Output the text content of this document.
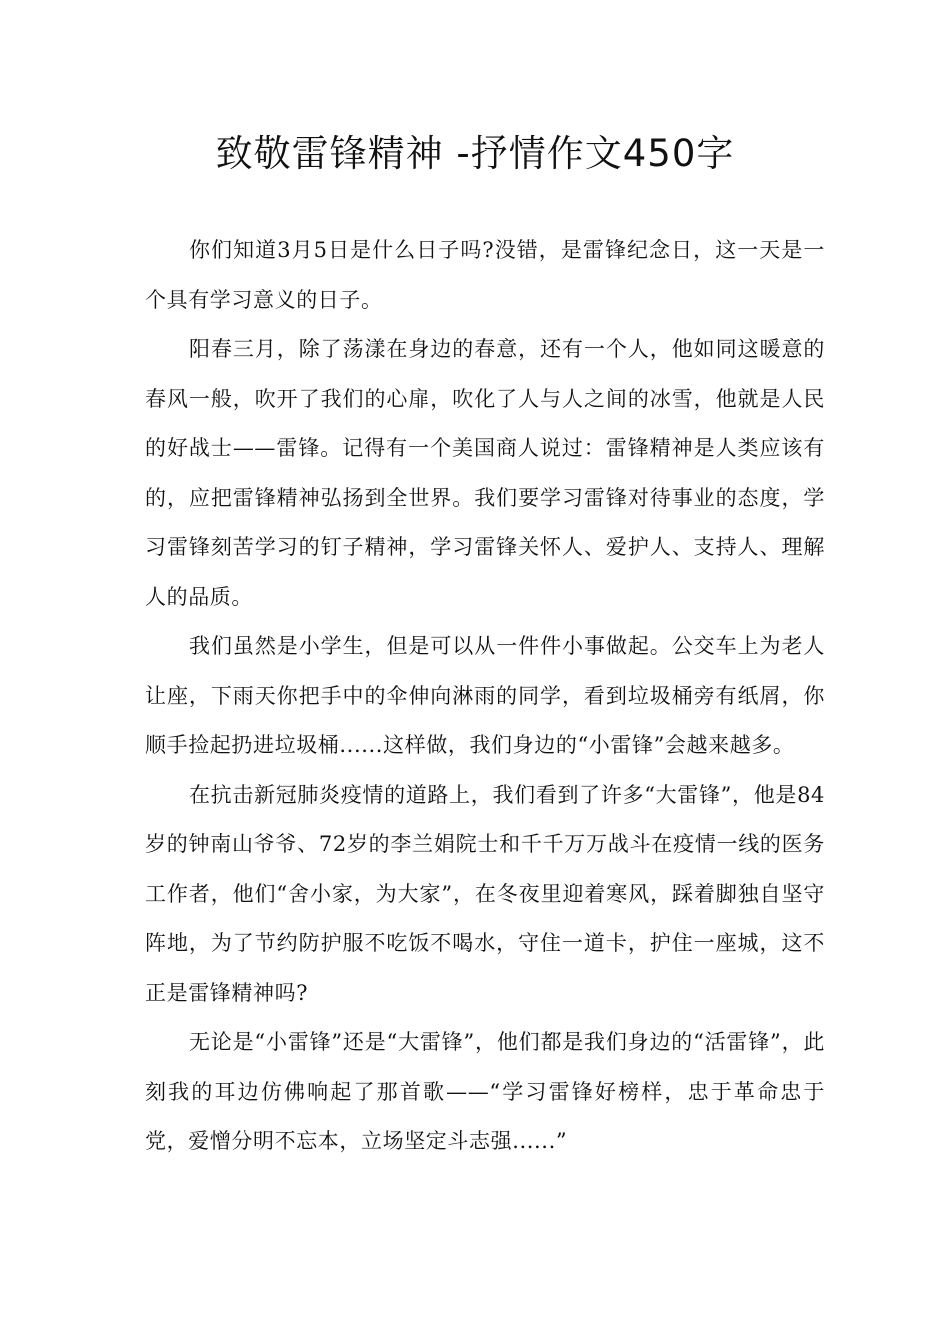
致敬雷锋精神 -抒情作文450字

你们知道3月5日是什么日子吗?没错，是雷锋纪念日，这一天是一个具有学习意义的日子。

阳春三月，除了荡漾在身边的春意，还有一个人，他如同这暖意的春风一般，吹开了我们的心扉，吹化了人与人之间的冰雪，他就是人民的好战士——雷锋。记得有一个美国商人说过：雷锋精神是人类应该有的，应把雷锋精神弘扬到全世界。我们要学习雷锋对待事业的态度，学习雷锋刻苦学习的钉子精神，学习雷锋关怀人、爱护人、支持人、理解人的品质。

我们虽然是小学生，但是可以从一件件小事做起。公交车上为老人让座，下雨天你把手中的伞伸向淋雨的同学，看到垃圾桶旁有纸屑，你顺手捡起扔进垃圾桶......这样做，我们身边的“小雷锋”会越来越多。

在抗击新冠肺炎疫情的道路上，我们看到了许多“大雷锋”，他是84岁的钟南山爷爷、72岁的李兰娟院士和千千万万战斗在疫情一线的医务工作者，他们“舍小家，为大家”，在冬夜里迎着寒风，踩着脚独自坚守阵地，为了节约防护服不吃饭不喝水，守住一道卡，护住一座城，这不正是雷锋精神吗?

无论是“小雷锋”还是“大雷锋”，他们都是我们身边的“活雷锋”，此刻我的耳边仿佛响起了那首歌——“学习雷锋好榜样，忠于革命忠于党，爱憎分明不忘本，立场坚定斗志强......”
